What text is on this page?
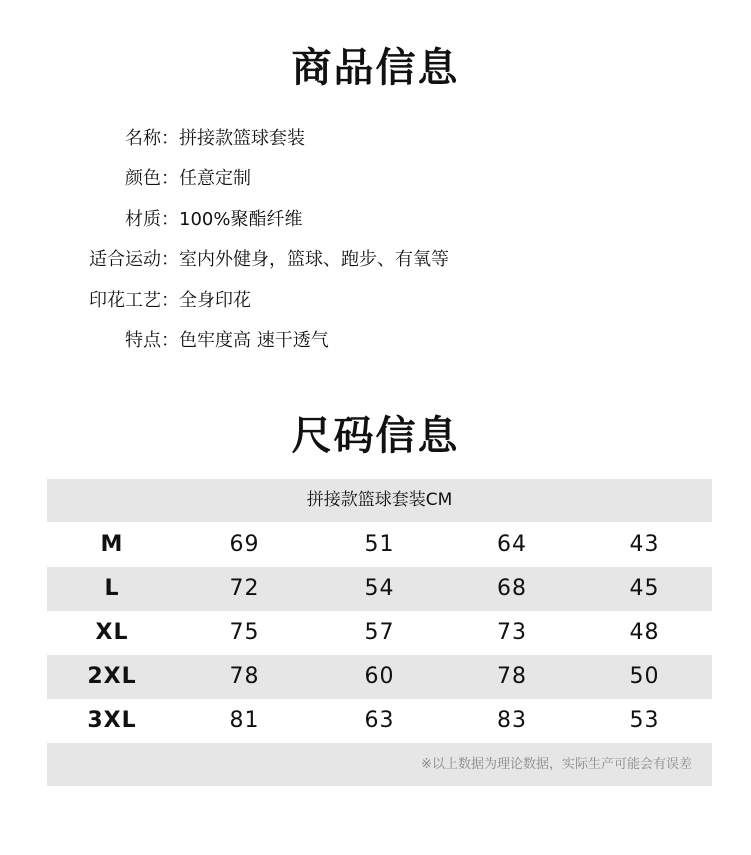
商品信息
名称： 拼接款篮球套装
颜色： 任意定制
材质： 100%聚酯纤维
适合运动： 室内外健身，篮球、跑步、有氧等
印花工艺： 全身印花
特点： 色牢度高 速干透气
尺码信息
拼接款篮球套装CM
M	69	51	64	43
L	72	54	68	45
XL	75	57	73	48
2XL	78	60	78	50
3XL	81	63	83	53
※以上数据为理论数据，实际生产可能会有误差
